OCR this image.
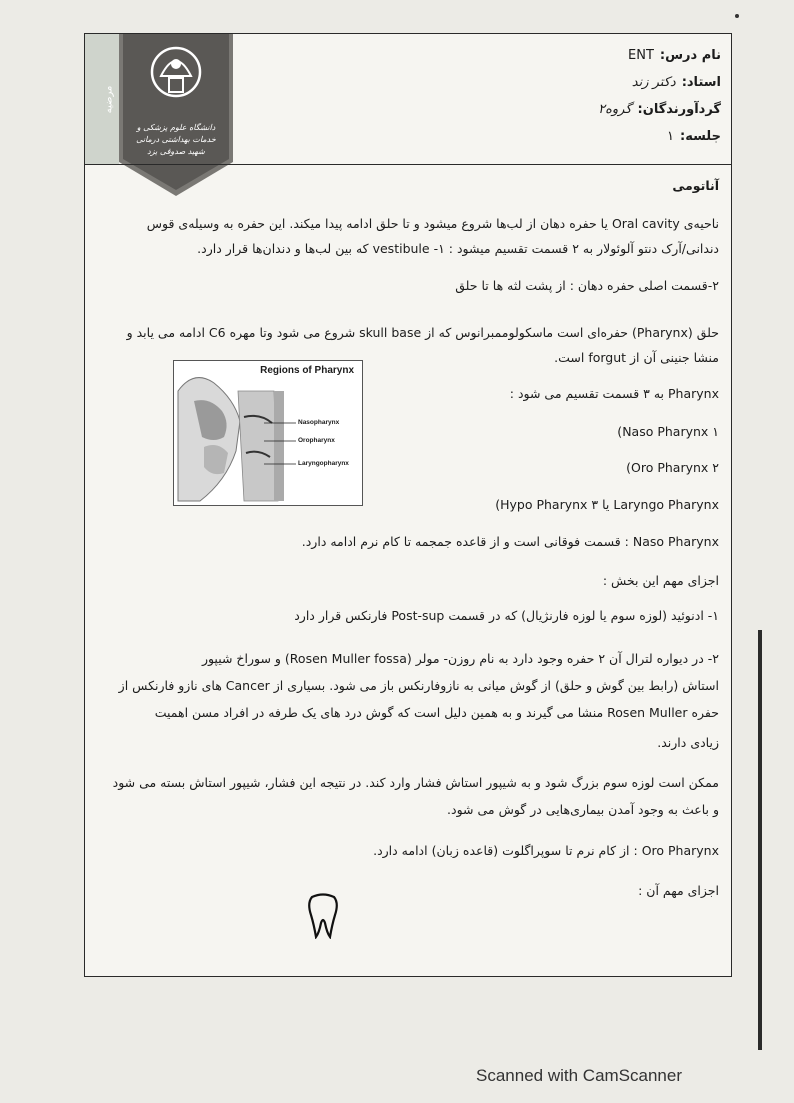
مرضیه
دانشگاه علوم پزشکی و خدمات بهداشتی درمانی شهید صدوقی یزد
نام درس:ENT
استاد:دکتر زند
گردآورندگان:گروه۲
جلسه:۱
آناتومی
ناحیه‌ی Oral cavity یا حفره دهان از لب‌ها شروع میشود و تا حلق ادامه پیدا میکند. این حفره به وسیله‌ی قوس
دندانی/آرک دنتو آلوئولار به ۲ قسمت تقسیم میشود : ۱- vestibule که بین لب‌ها و دندان‌ها قرار دارد.
۲-قسمت اصلی حفره دهان : از پشت لثه ها تا حلق
حلق (Pharynx) حفره‌ای است ماسکولوممبرانوس که از skull base شروع می شود وتا مهره C6 ادامه می یابد و
منشا جنینی آن از forgut است.
Pharynx به ۳ قسمت تقسیم می شود :
Naso Pharynx ۱)
Oro Pharynx ۲)
Laryngo Pharynx یا Hypo Pharynx ۳)
Naso Pharynx : قسمت فوقانی است و از قاعده جمجمه تا کام نرم ادامه دارد.
اجزای مهم این بخش :
۱- ادنوئید (لوزه سوم یا لوزه فارنژیال) که در قسمت Post-sup فارنکس قرار دارد
۲- در دیواره لترال آن ۲ حفره وجود دارد به نام روزن- مولر (Rosen Muller fossa) و سوراخ شیپور
استاش (رابط بین گوش و حلق) از گوش میانی به نازوفارنکس باز می شود. بسیاری از Cancer های نازو فارنکس از
حفره Rosen Muller منشا می گیرند و به همین دلیل است که گوش درد های یک طرفه در افراد مسن اهمیت
زیادی دارند.
ممکن است لوزه سوم بزرگ شود و به شیپور استاش فشار وارد کند. در نتیجه این فشار، شیپور استاش بسته می شود
و باعث به وجود آمدن بیماری‌هایی در گوش می شود.
Oro Pharynx : از کام نرم تا سوپراگلوت (قاعده زبان) ادامه دارد.
اجزای مهم آن :
Regions of Pharynx
Nasopharynx
Oropharynx
Laryngopharynx
Scanned with CamScanner
